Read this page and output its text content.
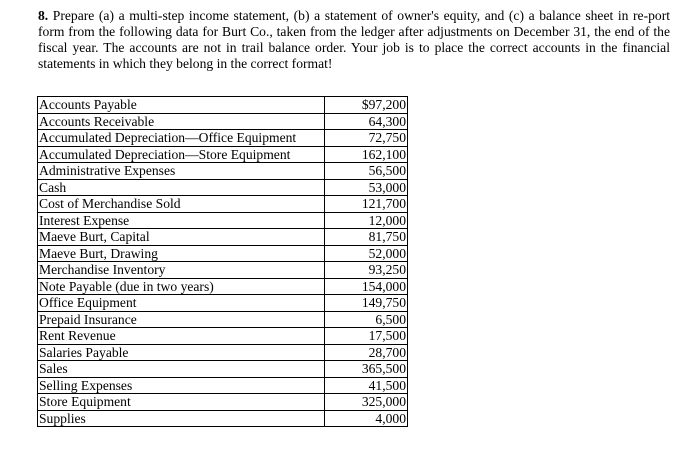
8. Prepare (a) a multi-step income statement, (b) a statement of owner's equity, and (c) a balance sheet in re-port form from the following data for Burt Co., taken from the ledger after adjustments on December 31, the end of the fiscal year. The accounts are not in trail balance order. Your job is to place the correct accounts in the financial statements in which they belong in the correct format!

Accounts Payable	$97,200
Accounts Receivable	64,300
Accumulated Depreciation—Office Equipment	72,750
Accumulated Depreciation—Store Equipment	162,100
Administrative Expenses	56,500
Cash	53,000
Cost of Merchandise Sold	121,700
Interest Expense	12,000
Maeve Burt, Capital	81,750
Maeve Burt, Drawing	52,000
Merchandise Inventory	93,250
Note Payable (due in two years)	154,000
Office Equipment	149,750
Prepaid Insurance	6,500
Rent Revenue	17,500
Salaries Payable	28,700
Sales	365,500
Selling Expenses	41,500
Store Equipment	325,000
Supplies	4,000
